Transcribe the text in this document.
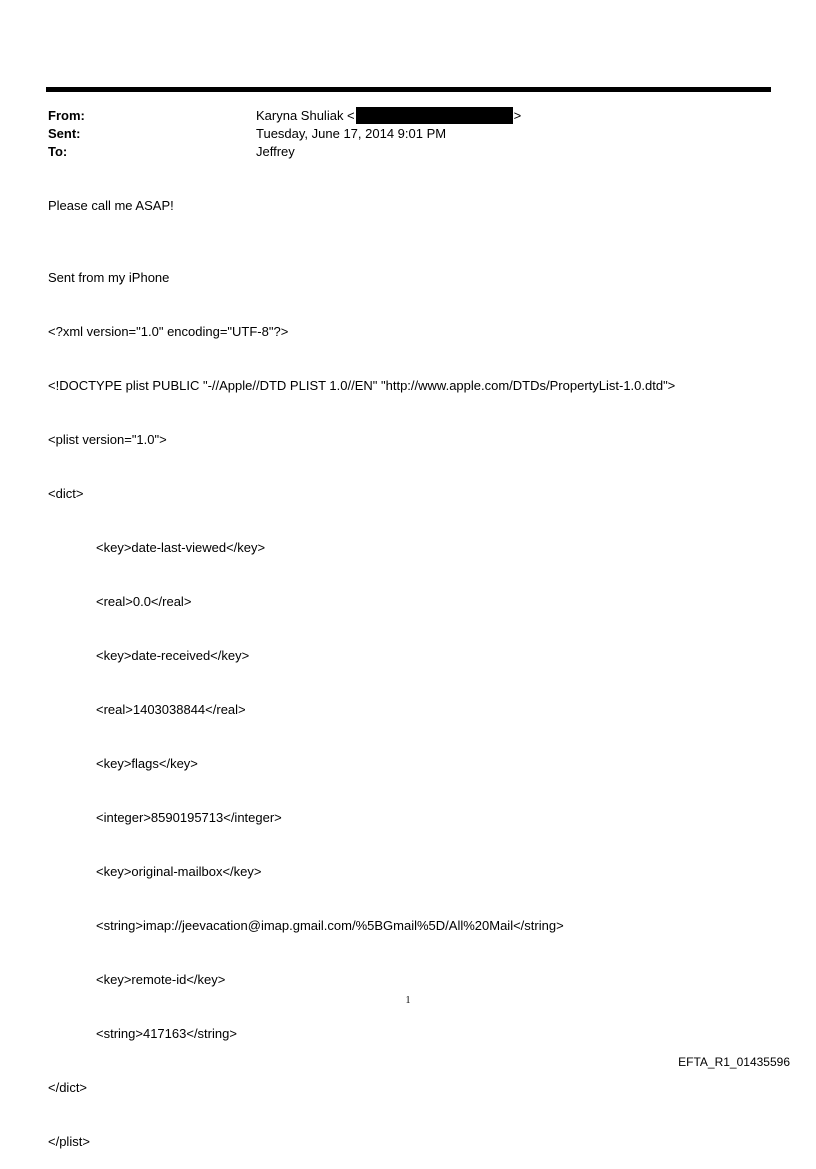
From:	Karyna Shuliak <	>
Sent:	Tuesday, June 17, 2014 9:01 PM
To:	Jeffrey
Please call me ASAP!

Sent from my iPhone

<?xml version="1.0" encoding="UTF-8"?>

<!DOCTYPE plist PUBLIC "-//Apple//DTD PLIST 1.0//EN" "http://www.apple.com/DTDs/PropertyList-1.0.dtd">

<plist version="1.0">

<dict>

<key>date-last-viewed</key>

<real>0.0</real>

<key>date-received</key>

<real>1403038844</real>

<key>flags</key>

<integer>8590195713</integer>

<key>original-mailbox</key>

<string>imap://jeevacation@imap.gmail.com/%5BGmail%5D/All%20Mail</string>

<key>remote-id</key>

<string>417163</string>

</dict>

</plist>

1
EFTA_R1_01435596
